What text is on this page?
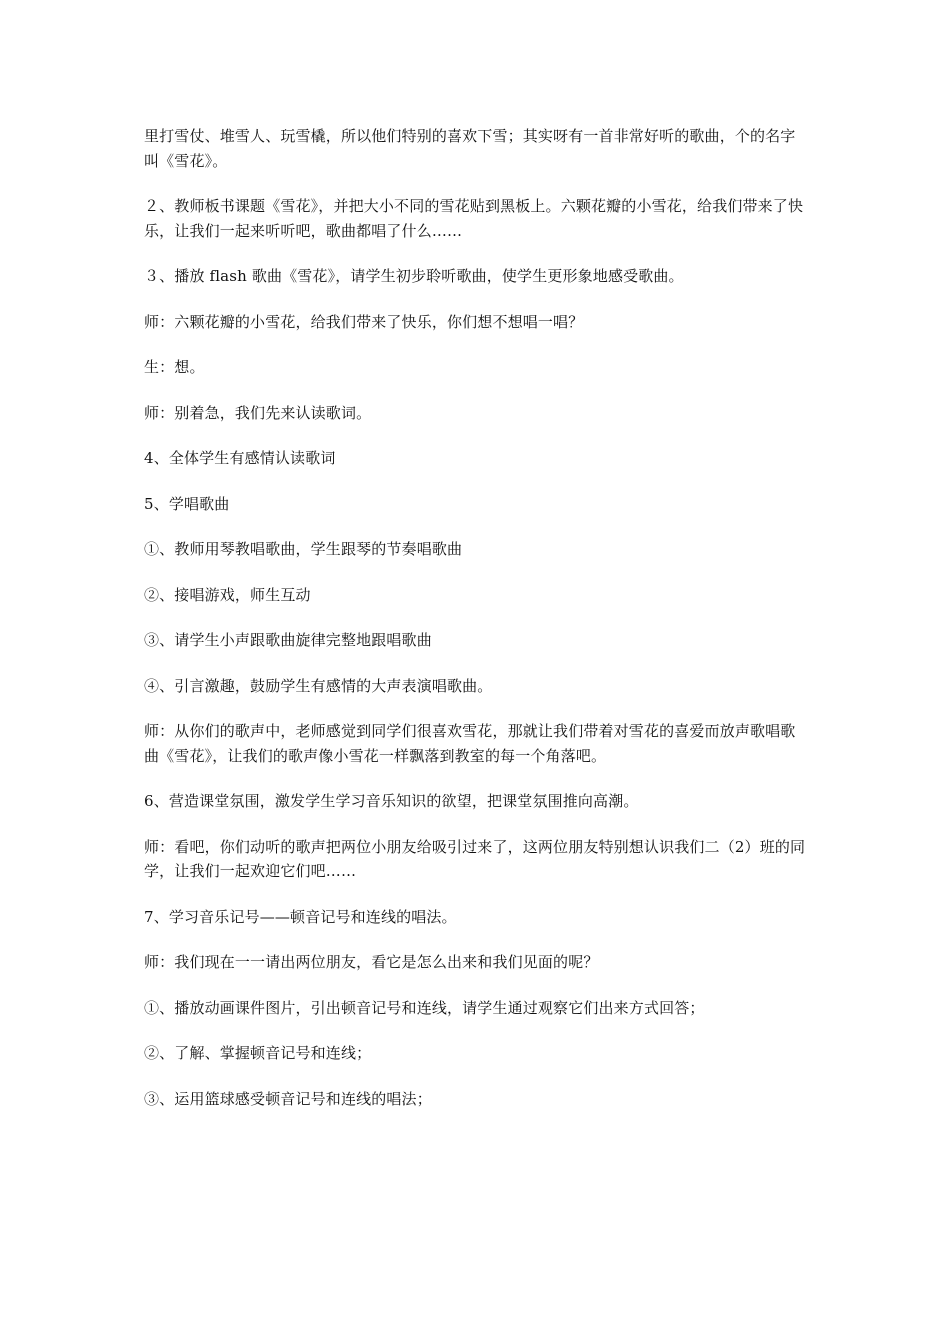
里打雪仗、堆雪人、玩雪橇，所以他们特别的喜欢下雪；其实呀有一首非常好听的歌曲，个的名字叫《雪花》。

２、教师板书课题《雪花》，并把大小不同的雪花贴到黑板上。六颗花瓣的小雪花，给我们带来了快乐，让我们一起来听听吧，歌曲都唱了什么……

３、播放 flash 歌曲《雪花》，请学生初步聆听歌曲，使学生更形象地感受歌曲。

师：六颗花瓣的小雪花，给我们带来了快乐，你们想不想唱一唱？

生：想。

师：别着急，我们先来认读歌词。

4、全体学生有感情认读歌词

5、学唱歌曲

①、教师用琴教唱歌曲，学生跟琴的节奏唱歌曲

②、接唱游戏，师生互动

③、请学生小声跟歌曲旋律完整地跟唱歌曲

④、引言激趣，鼓励学生有感情的大声表演唱歌曲。

师：从你们的歌声中，老师感觉到同学们很喜欢雪花，那就让我们带着对雪花的喜爱而放声歌唱歌曲《雪花》，让我们的歌声像小雪花一样飘落到教室的每一个角落吧。

6、营造课堂氛围，激发学生学习音乐知识的欲望，把课堂氛围推向高潮。

师：看吧，你们动听的歌声把两位小朋友给吸引过来了，这两位朋友特别想认识我们二（2）班的同学，让我们一起欢迎它们吧……

7、学习音乐记号——顿音记号和连线的唱法。

师：我们现在一一请出两位朋友，看它是怎么出来和我们见面的呢？

①、播放动画课件图片，引出顿音记号和连线，请学生通过观察它们出来方式回答；

②、了解、掌握顿音记号和连线；

③、运用篮球感受顿音记号和连线的唱法；
